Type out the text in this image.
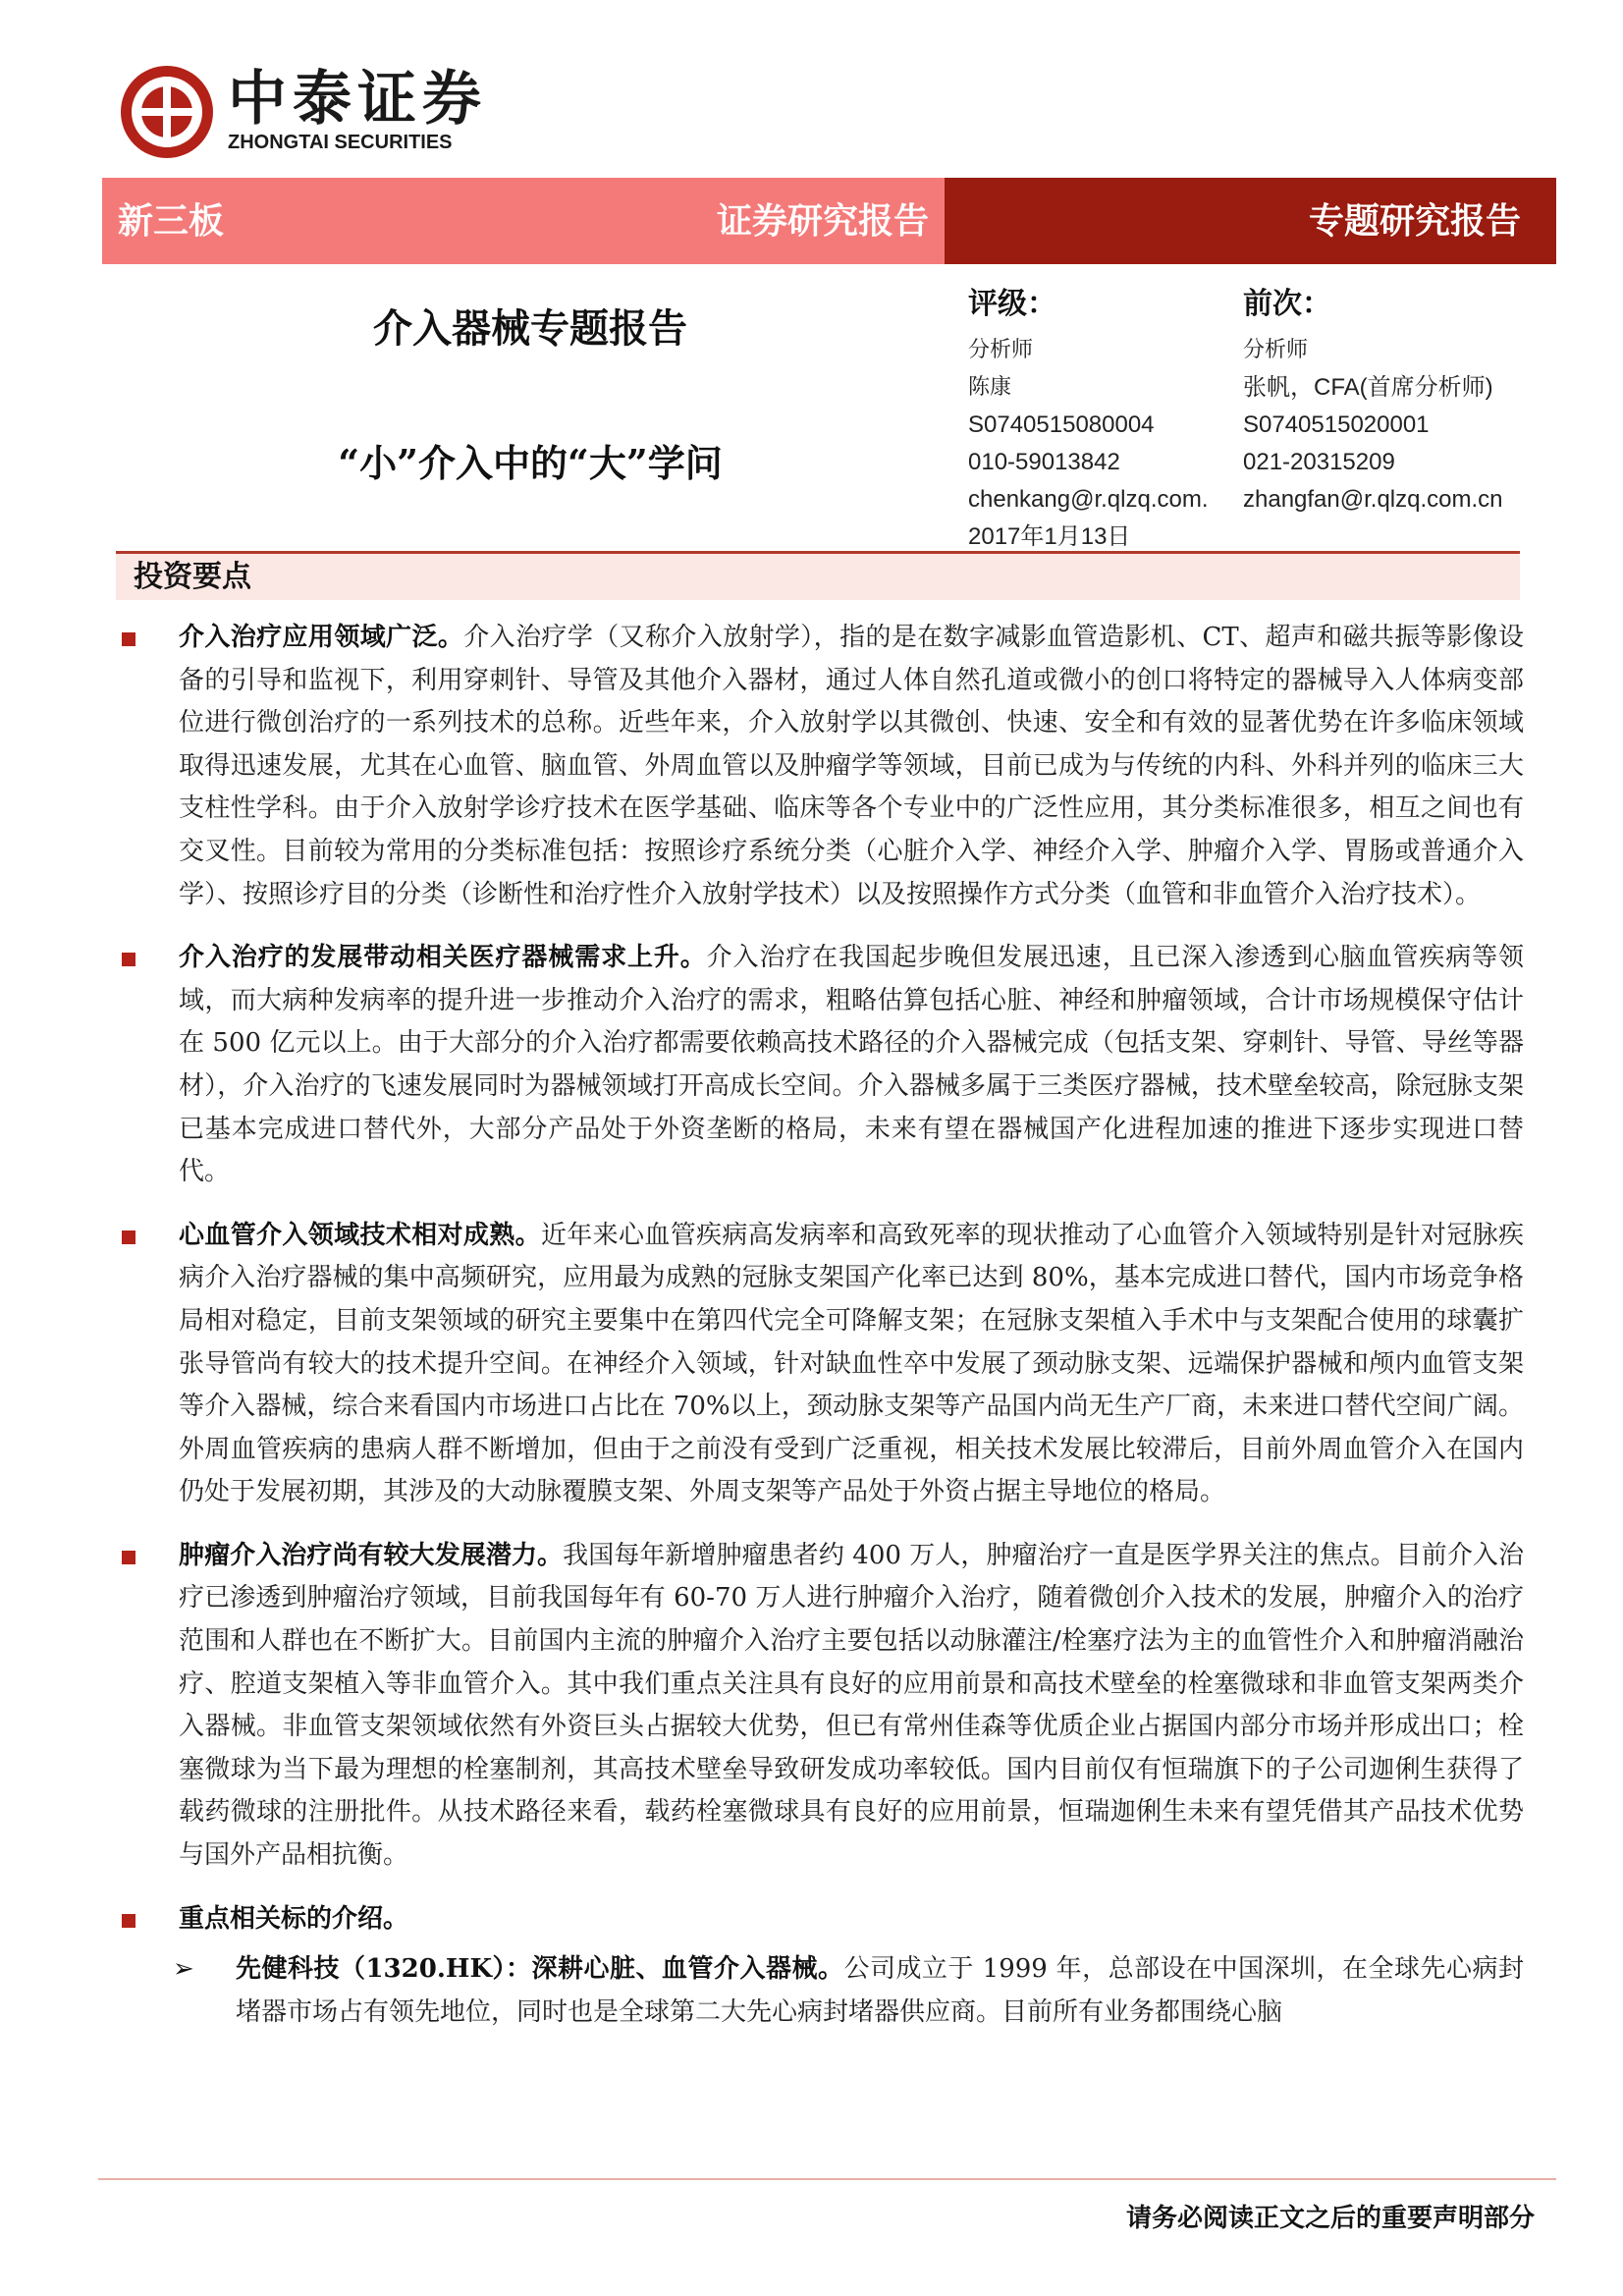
中泰证券
ZHONGTAI SECURITIES
新三板	证券研究报告	专题研究报告
介入器械专题报告
“小”介入中的“大”学问
评级：
分析师
陈康
S0740515080004
010-59013842
chenkang@r.qlzq.com.
2017年1月13日
前次：
分析师
张帆，CFA(首席分析师)
S0740515020001
021-20315209
zhangfan@r.qlzq.com.cn
投资要点

介入治疗应用领域广泛。介入治疗学（又称介入放射学），指的是在数字减影血管造影机、CT、超声和磁共振等影像设备的引导和监视下，利用穿刺针、导管及其他介入器材，通过人体自然孔道或微小的创口将特定的器械导入人体病变部位进行微创治疗的一系列技术的总称。近些年来，介入放射学以其微创、快速、安全和有效的显著优势在许多临床领域取得迅速发展，尤其在心血管、脑血管、外周血管以及肿瘤学等领域，目前已成为与传统的内科、外科并列的临床三大支柱性学科。由于介入放射学诊疗技术在医学基础、临床等各个专业中的广泛性应用，其分类标准很多，相互之间也有交叉性。目前较为常用的分类标准包括：按照诊疗系统分类（心脏介入学、神经介入学、肿瘤介入学、胃肠或普通介入学）、按照诊疗目的分类（诊断性和治疗性介入放射学技术）以及按照操作方式分类（血管和非血管介入治疗技术）。

介入治疗的发展带动相关医疗器械需求上升。介入治疗在我国起步晚但发展迅速，且已深入渗透到心脑血管疾病等领域，而大病种发病率的提升进一步推动介入治疗的需求，粗略估算包括心脏、神经和肿瘤领域，合计市场规模保守估计在 500 亿元以上。由于大部分的介入治疗都需要依赖高技术路径的介入器械完成（包括支架、穿刺针、导管、导丝等器材），介入治疗的飞速发展同时为器械领域打开高成长空间。介入器械多属于三类医疗器械，技术壁垒较高，除冠脉支架已基本完成进口替代外，大部分产品处于外资垄断的格局，未来有望在器械国产化进程加速的推进下逐步实现进口替代。

心血管介入领域技术相对成熟。近年来心血管疾病高发病率和高致死率的现状推动了心血管介入领域特别是针对冠脉疾病介入治疗器械的集中高频研究，应用最为成熟的冠脉支架国产化率已达到 80%，基本完成进口替代，国内市场竞争格局相对稳定，目前支架领域的研究主要集中在第四代完全可降解支架；在冠脉支架植入手术中与支架配合使用的球囊扩张导管尚有较大的技术提升空间。在神经介入领域，针对缺血性卒中发展了颈动脉支架、远端保护器械和颅内血管支架等介入器械，综合来看国内市场进口占比在 70%以上，颈动脉支架等产品国内尚无生产厂商，未来进口替代空间广阔。外周血管疾病的患病人群不断增加，但由于之前没有受到广泛重视，相关技术发展比较滞后，目前外周血管介入在国内仍处于发展初期，其涉及的大动脉覆膜支架、外周支架等产品处于外资占据主导地位的格局。

肿瘤介入治疗尚有较大发展潜力。我国每年新增肿瘤患者约 400 万人，肿瘤治疗一直是医学界关注的焦点。目前介入治疗已渗透到肿瘤治疗领域，目前我国每年有 60-70 万人进行肿瘤介入治疗，随着微创介入技术的发展，肿瘤介入的治疗范围和人群也在不断扩大。目前国内主流的肿瘤介入治疗主要包括以动脉灌注/栓塞疗法为主的血管性介入和肿瘤消融治疗、腔道支架植入等非血管介入。其中我们重点关注具有良好的应用前景和高技术壁垒的栓塞微球和非血管支架两类介入器械。非血管支架领域依然有外资巨头占据较大优势，但已有常州佳森等优质企业占据国内部分市场并形成出口；栓塞微球为当下最为理想的栓塞制剂，其高技术壁垒导致研发成功率较低。国内目前仅有恒瑞旗下的子公司迦俐生获得了载药微球的注册批件。从技术路径来看，载药栓塞微球具有良好的应用前景，恒瑞迦俐生未来有望凭借其产品技术优势与国外产品相抗衡。

重点相关标的介绍。

➢ 先健科技（1320.HK）：深耕心脏、血管介入器械。公司成立于 1999 年，总部设在中国深圳，在全球先心病封堵器市场占有领先地位，同时也是全球第二大先心病封堵器供应商。目前所有业务都围绕心脑

请务必阅读正文之后的重要声明部分
